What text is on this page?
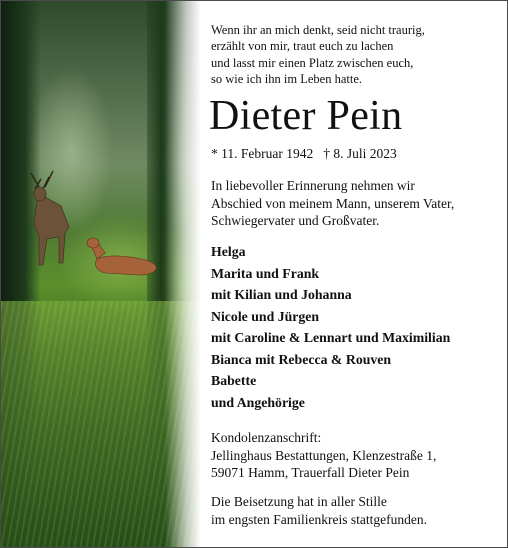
Wenn ihr an mich denkt, seid nicht traurig,
erzählt von mir, traut euch zu lachen
und lasst mir einen Platz zwischen euch,
so wie ich ihn im Leben hatte.
Dieter Pein
* 11. Februar 1942 † 8. Juli 2023
In liebevoller Erinnerung nehmen wir
Abschied von meinem Mann, unserem Vater,
Schwiegervater und Großvater.
Helga
Marita und Frank
mit Kilian und Johanna
Nicole und Jürgen
mit Caroline & Lennart und Maximilian
Bianca mit Rebecca & Rouven
Babette
und Angehörige
Kondolenzanschrift:
Jellinghaus Bestattungen, Klenzestraße 1,
59071 Hamm, Trauerfall Dieter Pein
Die Beisetzung hat in aller Stille
im engsten Familienkreis stattgefunden.
